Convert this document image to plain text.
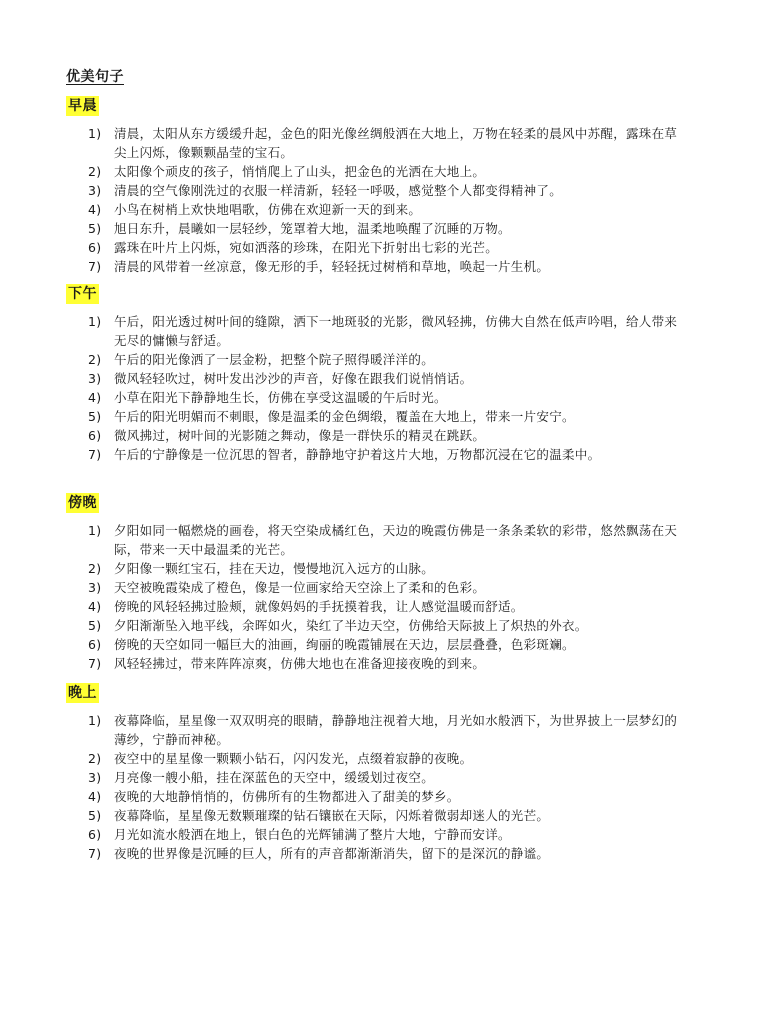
优美句子
早晨
1)	清晨，太阳从东方缓缓升起，金色的阳光像丝绸般洒在大地上，万物在轻柔的晨风中苏醒，露珠在草尖上闪烁，像颗颗晶莹的宝石。
2)	太阳像个顽皮的孩子，悄悄爬上了山头，把金色的光洒在大地上。
3)	清晨的空气像刚洗过的衣服一样清新，轻轻一呼吸，感觉整个人都变得精神了。
4)	小鸟在树梢上欢快地唱歌，仿佛在欢迎新一天的到来。
5)	旭日东升，晨曦如一层轻纱，笼罩着大地，温柔地唤醒了沉睡的万物。
6)	露珠在叶片上闪烁，宛如洒落的珍珠，在阳光下折射出七彩的光芒。
7)	清晨的风带着一丝凉意，像无形的手，轻轻抚过树梢和草地，唤起一片生机。
下午
1)	午后，阳光透过树叶间的缝隙，洒下一地斑驳的光影，微风轻拂，仿佛大自然在低声吟唱，给人带来无尽的慵懒与舒适。
2)	午后的阳光像洒了一层金粉，把整个院子照得暖洋洋的。
3)	微风轻轻吹过，树叶发出沙沙的声音，好像在跟我们说悄悄话。
4)	小草在阳光下静静地生长，仿佛在享受这温暖的午后时光。
5)	午后的阳光明媚而不刺眼，像是温柔的金色绸缎，覆盖在大地上，带来一片安宁。
6)	微风拂过，树叶间的光影随之舞动，像是一群快乐的精灵在跳跃。
7)	午后的宁静像是一位沉思的智者，静静地守护着这片大地，万物都沉浸在它的温柔中。
傍晚
1)	夕阳如同一幅燃烧的画卷，将天空染成橘红色，天边的晚霞仿佛是一条条柔软的彩带，悠然飘荡在天际，带来一天中最温柔的光芒。
2)	夕阳像一颗红宝石，挂在天边，慢慢地沉入远方的山脉。
3)	天空被晚霞染成了橙色，像是一位画家给天空涂上了柔和的色彩。
4)	傍晚的风轻轻拂过脸颊，就像妈妈的手抚摸着我，让人感觉温暖而舒适。
5)	夕阳渐渐坠入地平线，余晖如火，染红了半边天空，仿佛给天际披上了炽热的外衣。
6)	傍晚的天空如同一幅巨大的油画，绚丽的晚霞铺展在天边，层层叠叠，色彩斑斓。
7)	风轻轻拂过，带来阵阵凉爽，仿佛大地也在准备迎接夜晚的到来。
晚上
1)	夜幕降临，星星像一双双明亮的眼睛，静静地注视着大地，月光如水般洒下，为世界披上一层梦幻的薄纱，宁静而神秘。
2)	夜空中的星星像一颗颗小钻石，闪闪发光，点缀着寂静的夜晚。
3)	月亮像一艘小船，挂在深蓝色的天空中，缓缓划过夜空。
4)	夜晚的大地静悄悄的，仿佛所有的生物都进入了甜美的梦乡。
5)	夜幕降临，星星像无数颗璀璨的钻石镶嵌在天际，闪烁着微弱却迷人的光芒。
6)	月光如流水般洒在地上，银白色的光辉铺满了整片大地，宁静而安详。
7)	夜晚的世界像是沉睡的巨人，所有的声音都渐渐消失，留下的是深沉的静谧。
